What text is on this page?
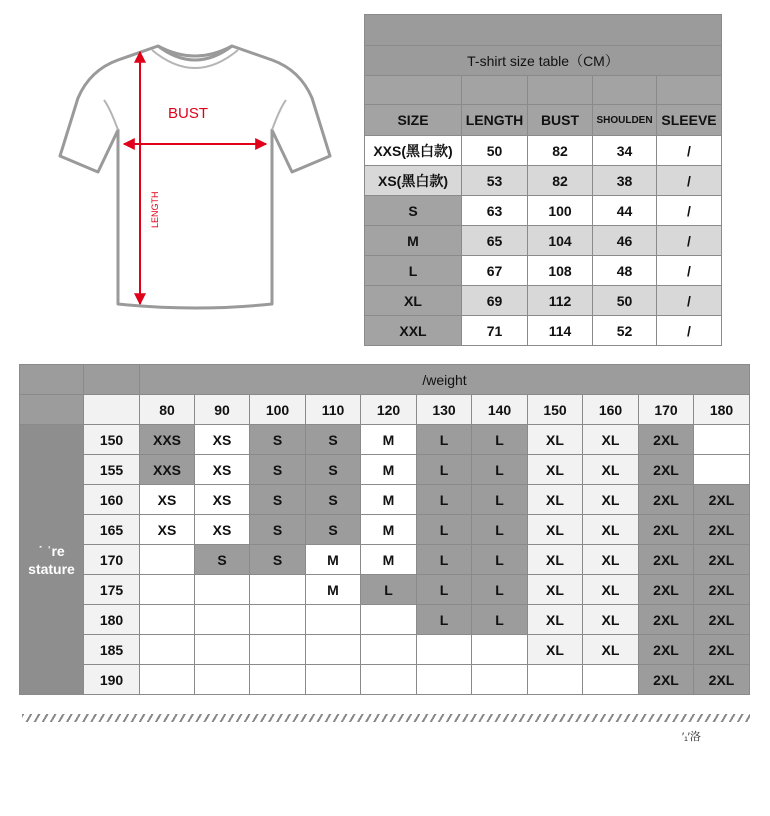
BUST
LENGTH

T-shirt size table（CM）				

SIZE	LENGTH	BUST	SHOULDEN	SLEEVE
XXS(黑白款)	50	82	34	/
XS(黑白款)	53	82	38	/
S	63	100	44	/
M	65	104	46	/
L	67	108	48	/
XL	69	112	50	/
XXL	71	114	52	/
		/weight										
		80	90	100	110	120	130	140	150	160	170	180

˙ ˈre
stature	150	XXS	XS	S	S	M	L	L	XL	XL	2XL	
	155	XXS	XS	S	S	M	L	L	XL	XL	2XL	
	160	XS	XS	S	S	M	L	L	XL	XL	2XL	2XL
	165	XS	XS	S	S	M	L	L	XL	XL	2XL	2XL
	170		S	S	M	M	L	L	XL	XL	2XL	2XL
	175				M	L	L	L	XL	XL	2XL	2XL
	180						L	L	XL	XL	2XL	2XL
	185								XL	XL	2XL	2XL
	190										2XL	2XL
′₁′洛
